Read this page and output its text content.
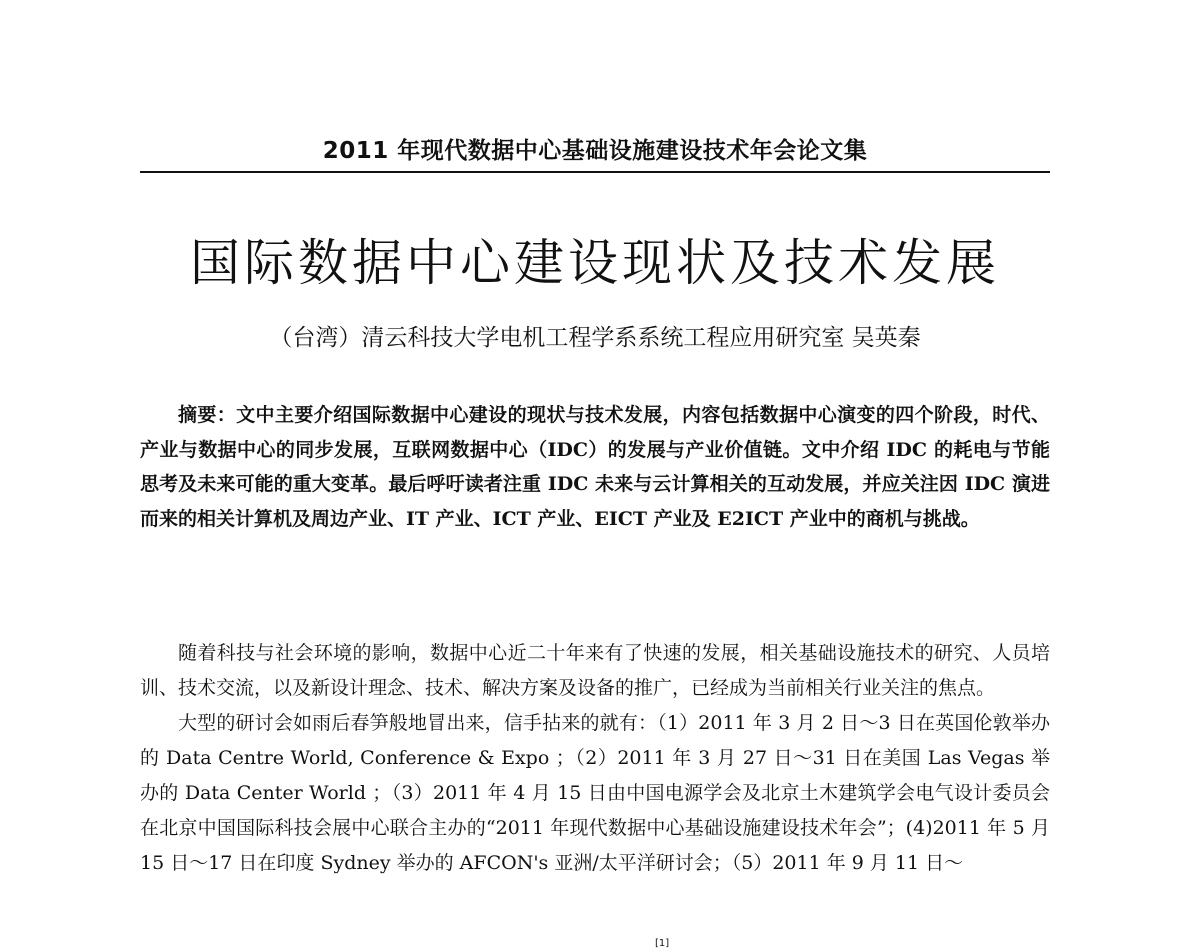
2011 年现代数据中心基础设施建设技术年会论文集
国际数据中心建设现状及技术发展
（台湾）清云科技大学电机工程学系系统工程应用研究室 吴英秦

摘要：文中主要介绍国际数据中心建设的现状与技术发展，内容包括数据中心演变的四个阶段，时代、产业与数据中心的同步发展，互联网数据中心（IDC）的发展与产业价值链。文中介绍 IDC 的耗电与节能思考及未来可能的重大变革。最后呼吁读者注重 IDC 未来与云计算相关的互动发展，并应关注因 IDC 演进而来的相关计算机及周边产业、IT 产业、ICT 产业、EICT 产业及 E2ICT 产业中的商机与挑战。

随着科技与社会环境的影响，数据中心近二十年来有了快速的发展，相关基础设施技术的研究、人员培训、技术交流，以及新设计理念、技术、解决方案及设备的推广，已经成为当前相关行业关注的焦点。

大型的研讨会如雨后春笋般地冒出来，信手拈来的就有：（1）2011 年 3 月 2 日～3 日在英国伦敦举办的 Data Centre World, Conference & Expo ；（2）2011 年 3 月 27 日～31 日在美国 Las Vegas 举办的 Data Center World ；（3）2011 年 4 月 15 日由中国电源学会及北京土木建筑学会电气设计委员会在北京中国国际科技会展中心联合主办的“2011 年现代数据中心基础设施建设技术年会”；(4)2011 年 5 月 15 日～17 日在印度 Sydney 举办的 AFCON's 亚洲/太平洋研讨会；（5）2011 年 9 月 11 日～

[1]
